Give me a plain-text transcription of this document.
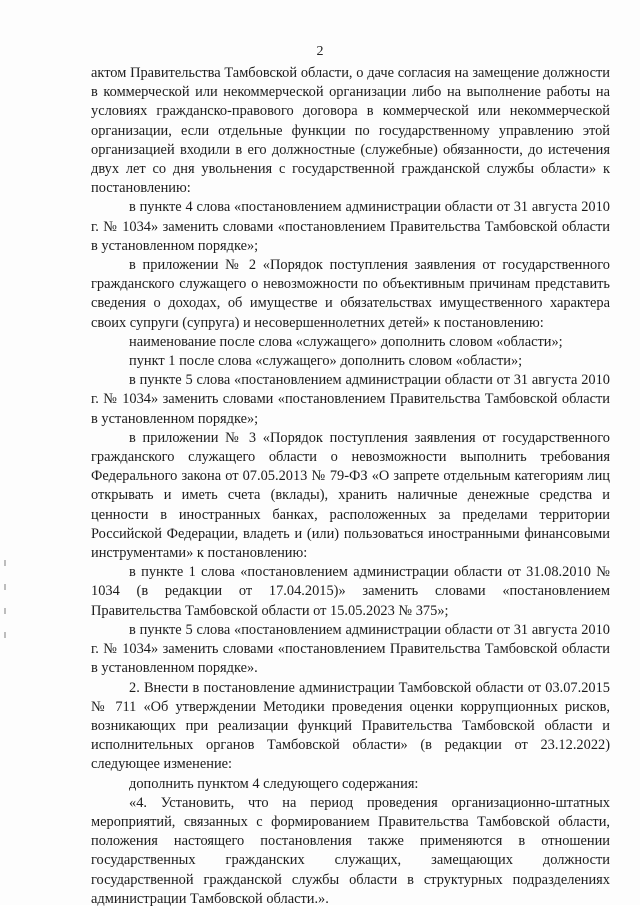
2

актом Правительства Тамбовской области, о даче согласия на замещение должности в коммерческой или некоммерческой организации либо на выполнение работы на условиях гражданско-правового договора в коммерческой или некоммерческой организации, если отдельные функции по государственному управлению этой организацией входили в его должностные (служебные) обязанности, до истечения двух лет со дня увольнения с государственной гражданской службы области» к постановлению:

в пункте 4 слова «постановлением администрации области от 31 августа 2010 г. № 1034» заменить словами «постановлением Правительства Тамбовской области в установленном порядке»;

в приложении № 2 «Порядок поступления заявления от государственного гражданского служащего о невозможности по объективным причинам представить сведения о доходах, об имуществе и обязательствах имущественного характера своих супруги (супруга) и несовершеннолетних детей» к постановлению:

наименование после слова «служащего» дополнить словом «области»;

пункт 1 после слова «служащего» дополнить словом «области»;

в пункте 5 слова «постановлением администрации области от 31 августа 2010 г. № 1034» заменить словами «постановлением Правительства Тамбовской области в установленном порядке»;

в приложении № 3 «Порядок поступления заявления от государственного гражданского служащего области о невозможности выполнить требования Федерального закона от 07.05.2013 № 79-ФЗ «О запрете отдельным категориям лиц открывать и иметь счета (вклады), хранить наличные денежные средства и ценности в иностранных банках, расположенных за пределами территории Российской Федерации, владеть и (или) пользоваться иностранными финансовыми инструментами» к постановлению:

в пункте 1 слова «постановлением администрации области от 31.08.2010 № 1034 (в редакции от 17.04.2015)» заменить словами «постановлением Правительства Тамбовской области от 15.05.2023 № 375»;

в пункте 5 слова «постановлением администрации области от 31 августа 2010 г. № 1034» заменить словами «постановлением Правительства Тамбовской области в установленном порядке».

2. Внести в постановление администрации Тамбовской области от 03.07.2015 № 711 «Об утверждении Методики проведения оценки коррупционных рисков, возникающих при реализации функций Правительства Тамбовской области и исполнительных органов Тамбовской области» (в редакции от 23.12.2022) следующее изменение:

дополнить пунктом 4 следующего содержания:

«4. Установить, что на период проведения организационно-штатных мероприятий, связанных с формированием Правительства Тамбовской области, положения настоящего постановления также применяются в отношении государственных гражданских служащих, замещающих должности государственной гражданской службы области в структурных подразделениях администрации Тамбовской области.».
